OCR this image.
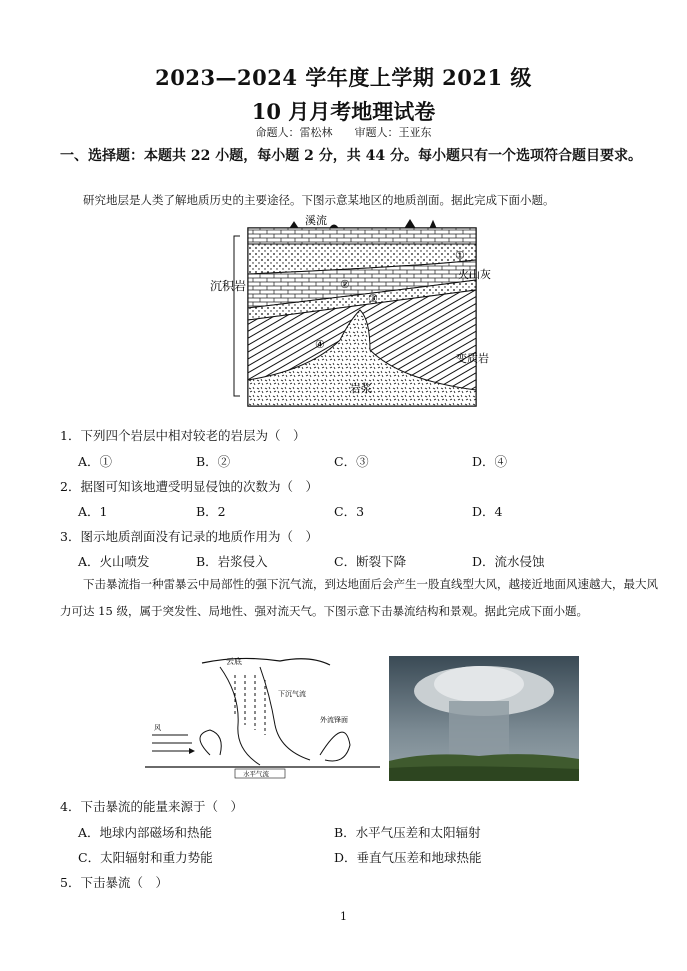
2023—2024 学年度上学期 2021 级
10 月月考地理试卷
命题人：雷松林　　审题人：王亚东
一、选择题：本题共 22 小题，每小题 2 分，共 44 分。每小题只有一个选项符合题目要求。
研究地层是人类了解地质历史的主要途径。下图示意某地区的地质剖面。据此完成下面小题。
沉积岩
溪流
①
火山灰
②
③
④
变质岩
岩浆
1．下列四个岩层中相对较老的岩层为（　）
A．①	B．②	C．③	D．④
2．据图可知该地遭受明显侵蚀的次数为（　）
A．1	B．2	C．3	D．4
3．图示地质剖面没有记录的地质作用为（　）
A．火山喷发	B．岩浆侵入	C．断裂下降	D．流水侵蚀
下击暴流指一种雷暴云中局部性的强下沉气流，到达地面后会产生一股直线型大风，越接近地面风速越大，最大风力可达 15 级，属于突发性、局地性、强对流天气。下图示意下击暴流结构和景观。据此完成下面小题。
云底
下沉气流
外流锋面
风
水平气流
4．下击暴流的能量来源于（　）
A．地球内部磁场和热能	B．水平气压差和太阳辐射
C．太阳辐射和重力势能	D．垂直气压差和地球热能
5．下击暴流（　）
1
